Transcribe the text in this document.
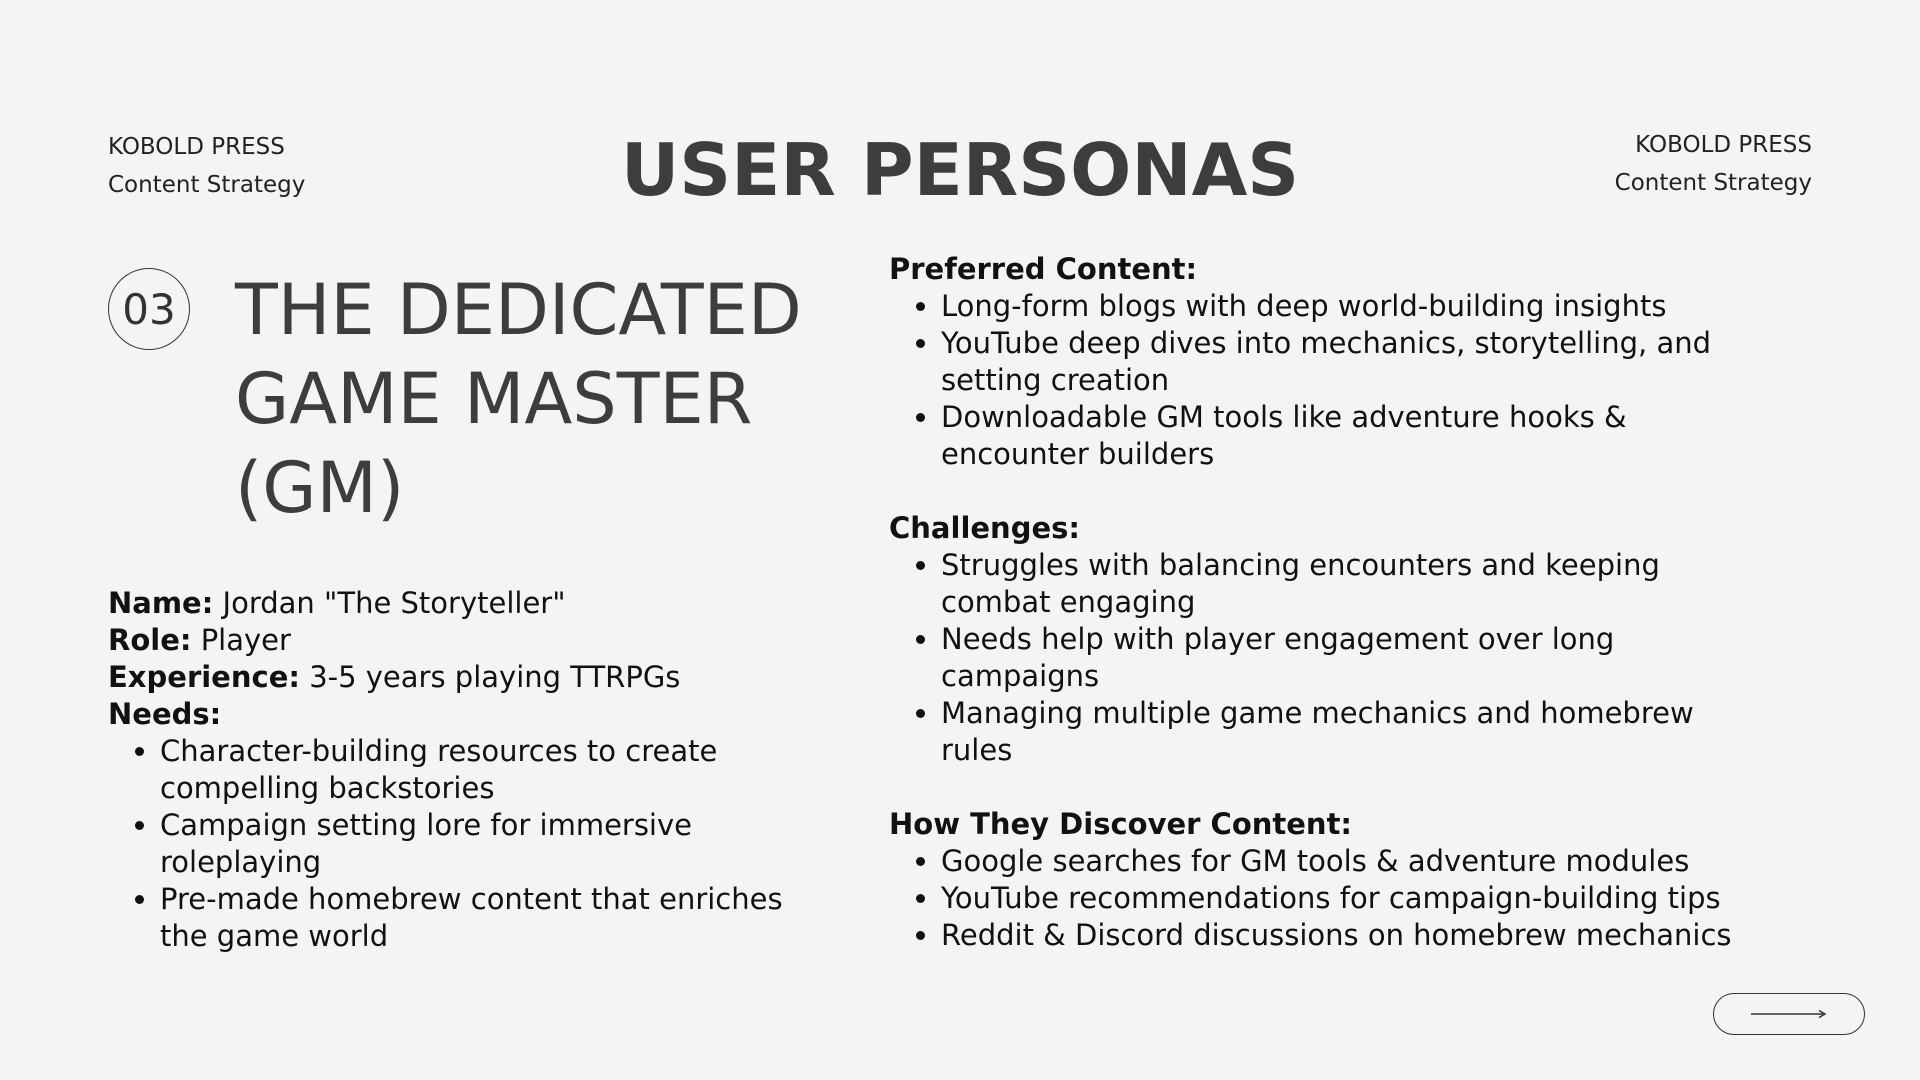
KOBOLD PRESS
Content Strategy	USER PERSONAS	KOBOLD PRESS
Content Strategy
03 THE DEDICATED
GAME MASTER
(GM)
Name: Jordan "The Storyteller"
Role: Player
Experience: 3-5 years playing TTRPGs
Needs:
• Character-building resources to create compelling backstories
• Campaign setting lore for immersive roleplaying
• Pre-made homebrew content that enriches the game world
Preferred Content:
• Long-form blogs with deep world-building insights
• YouTube deep dives into mechanics, storytelling, and setting creation
• Downloadable GM tools like adventure hooks & encounter builders
Challenges:
• Struggles with balancing encounters and keeping combat engaging
• Needs help with player engagement over long campaigns
• Managing multiple game mechanics and homebrew rules
How They Discover Content:
• Google searches for GM tools & adventure modules
• YouTube recommendations for campaign-building tips
• Reddit & Discord discussions on homebrew mechanics
